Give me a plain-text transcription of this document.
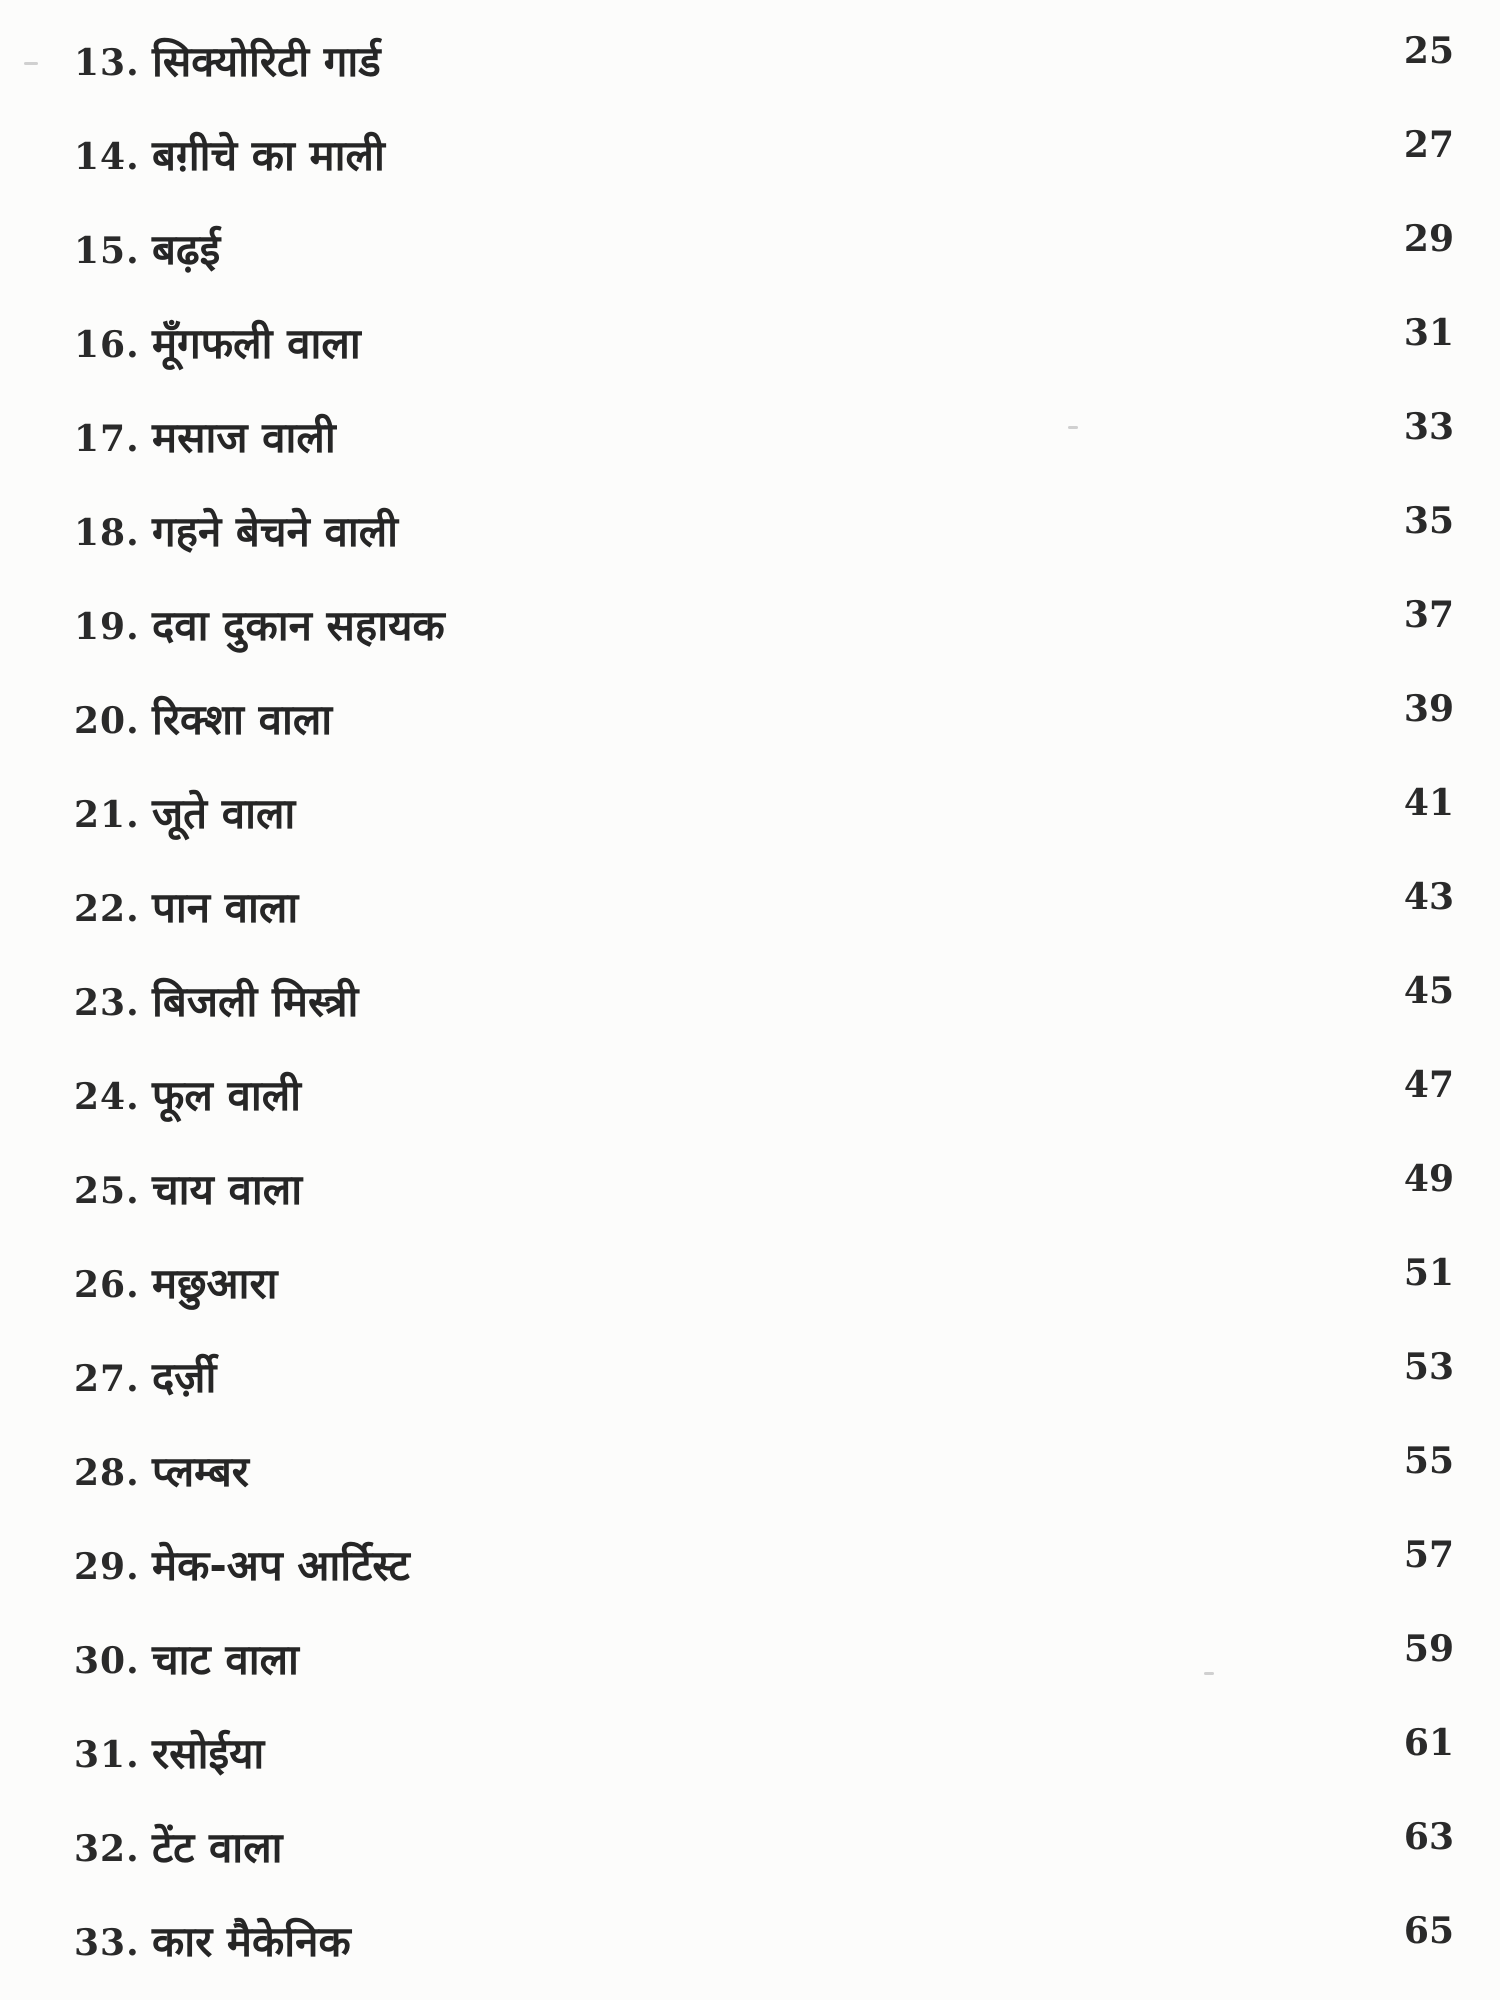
13. सिक्योरिटी गार्ड	25
14. बग़ीचे का माली	27
15. बढ़ई	29
16. मूँगफली वाला	31
17. मसाज वाली	33
18. गहने बेचने वाली	35
19. दवा दुकान सहायक	37
20. रिक्शा वाला	39
21. जूते वाला	41
22. पान वाला	43
23. बिजली मिस्त्री	45
24. फूल वाली	47
25. चाय वाला	49
26. मछुआरा	51
27. दर्ज़ी	53
28. प्लम्बर	55
29. मेक-अप आर्टिस्ट	57
30. चाट वाला	59
31. रसोईया	61
32. टेंट वाला	63
33. कार मैकेनिक	65
